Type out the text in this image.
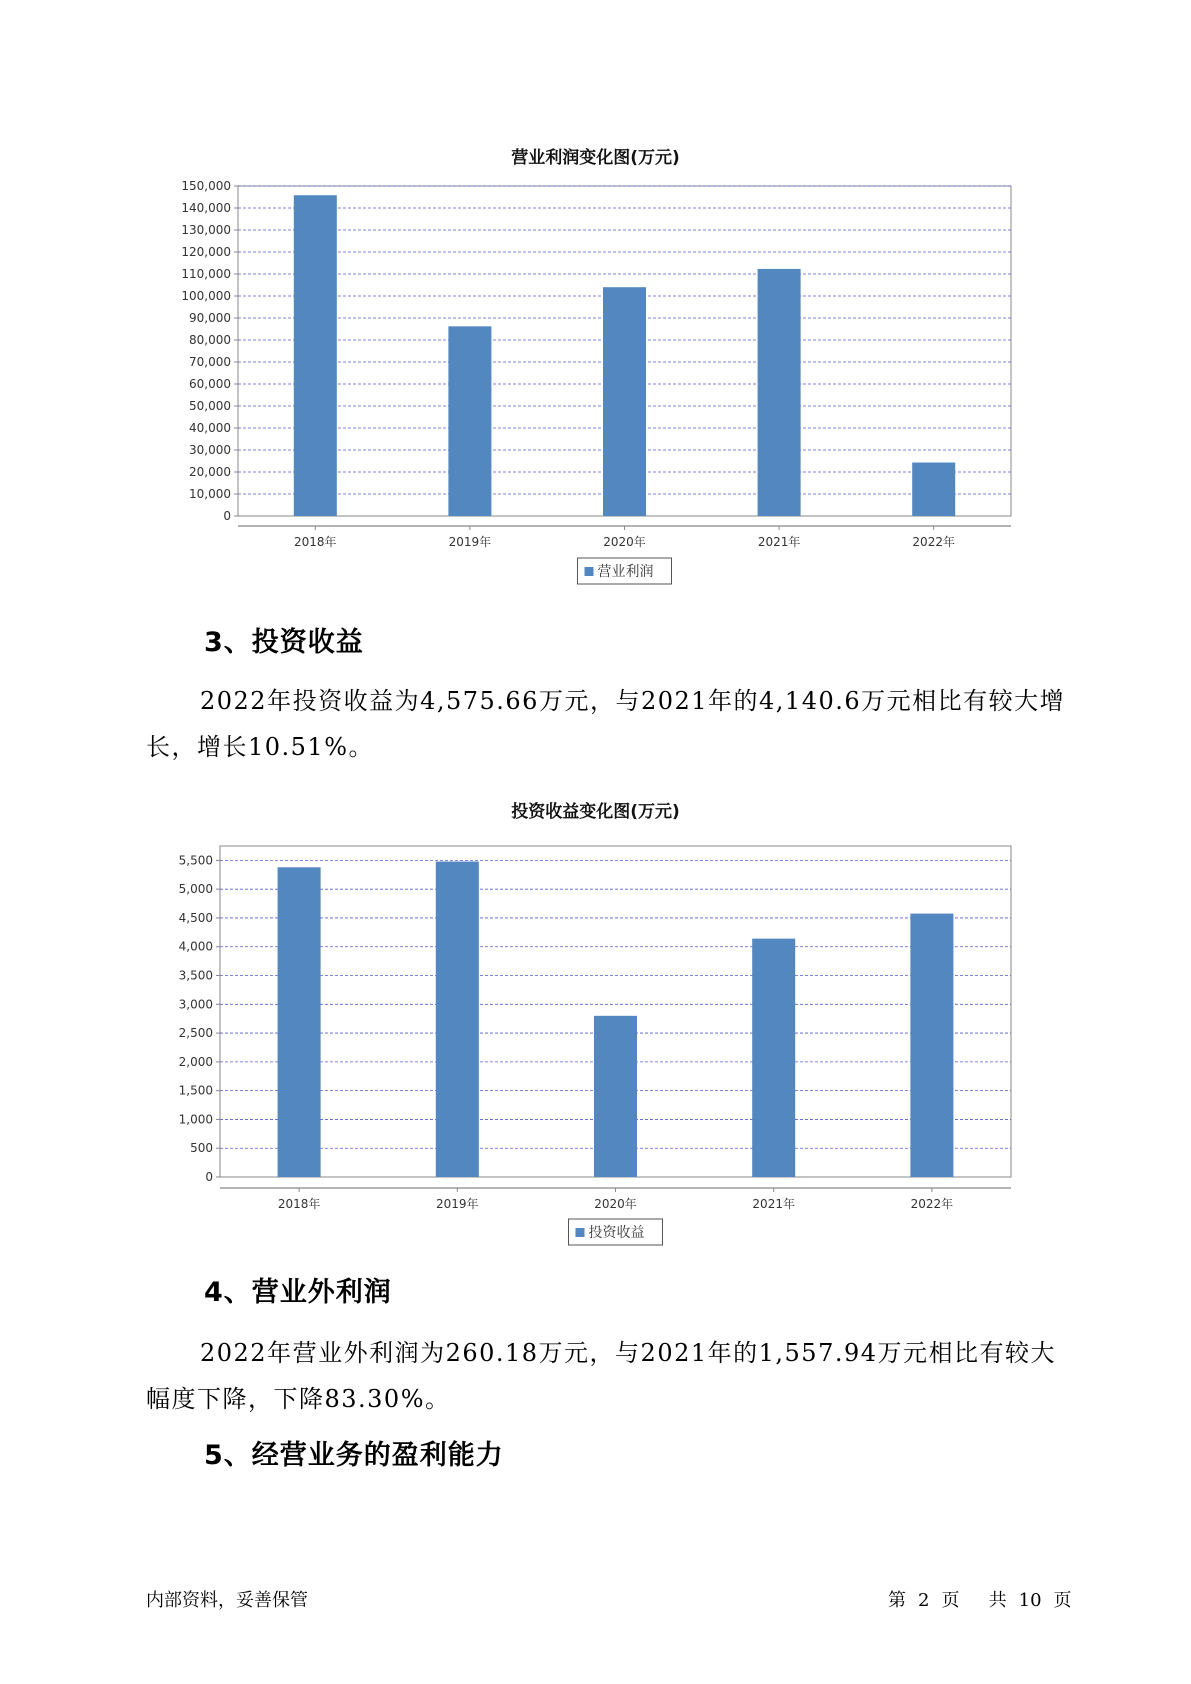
营业利润变化图(万元)
0
10,000
20,000
30,000
40,000
50,000
60,000
70,000
80,000
90,000
100,000
110,000
120,000
130,000
140,000
150,000
2018年	2019年	2020年	2021年	2022年
营业利润
3、投资收益

2022年投资收益为4,575.66万元，与2021年的4,140.6万元相比有较大增长，增长10.51%。

投资收益变化图(万元)
0
500
1,000
1,500
2,000
2,500
3,000
3,500
4,000
4,500
5,000
5,500
2018年	2019年	2020年	2021年	2022年
投资收益
4、营业外利润

2022年营业外利润为260.18万元，与2021年的1,557.94万元相比有较大幅度下降，下降83.30%。

5、经营业务的盈利能力
内部资料，妥善保管	第 2 页 共 10 页
